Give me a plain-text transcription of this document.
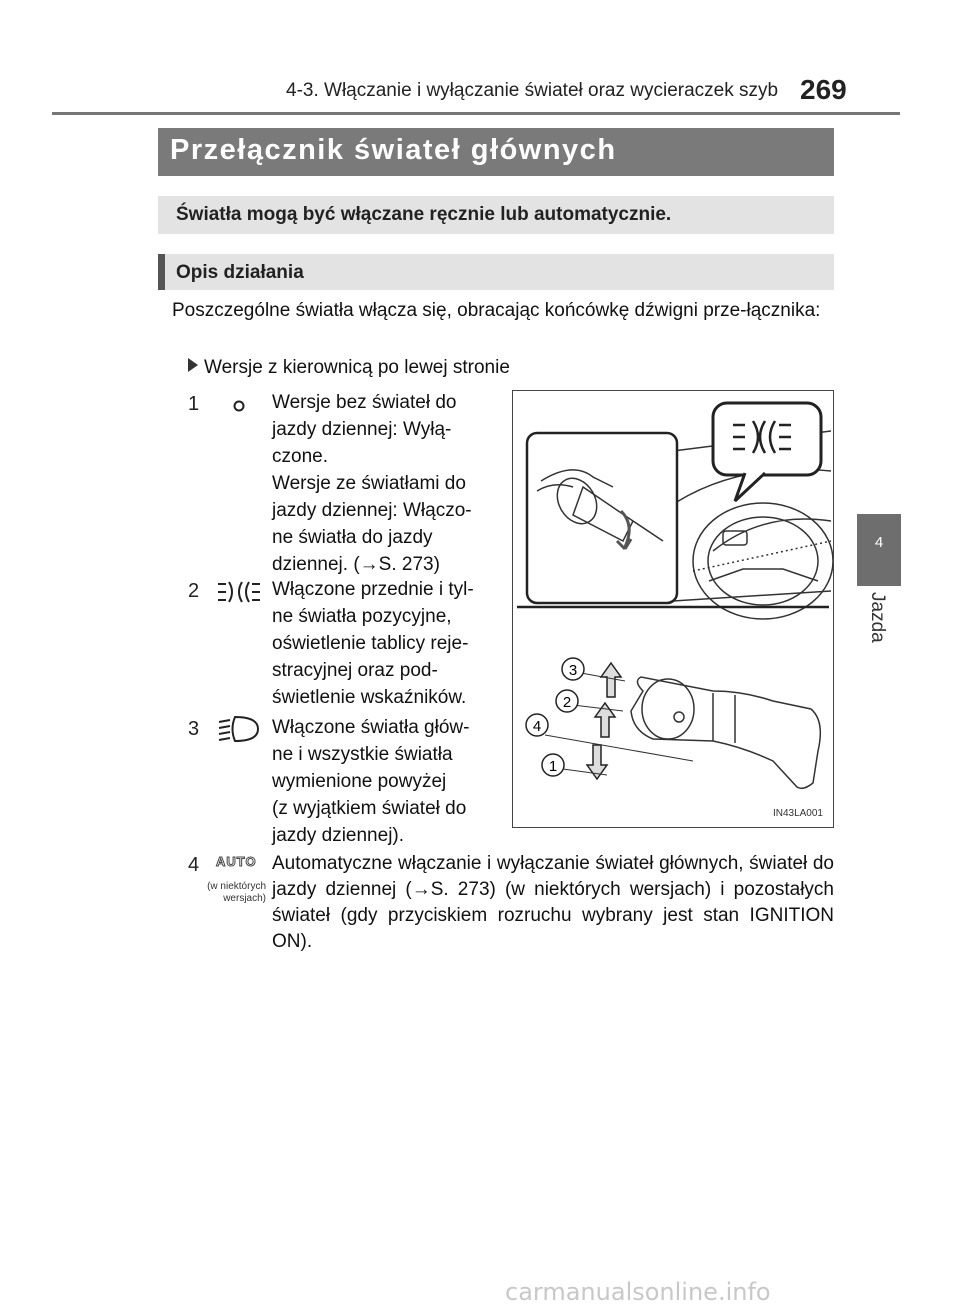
4-3. Włączanie i wyłączanie świateł oraz wycieraczek szyb 269
4
Jazda
Przełącznik świateł głównych
Światła mogą być włączane ręcznie lub automatycznie.
Opis działania
Poszczególne światła włącza się, obracając końcówkę dźwigni prze-łącznika:
Wersje z kierownicą po lewej stronie
1	Wersje bez świateł do
jazdy dziennej: Wyłą-
czone.
Wersje ze światłami do
jazdy dziennej: Włączo-
ne światła do jazdy
dziennej. (→S. 273)
2	Włączone przednie i tyl-
ne światła pozycyjne,
oświetlenie tablicy reje-
stracyjnej oraz pod-
świetlenie wskaźników.
3	Włączone światła głów-
ne i wszystkie światła
wymienione powyżej
(z wyjątkiem świateł do
jazdy dziennej).
4 AUTO
(w niektórych wersjach)
Automatyczne włączanie i wyłączanie świateł głównych, świateł do jazdy dziennej (→S. 273) (w niektórych wersjach) i pozostałych świateł (gdy przyciskiem rozruchu wybrany jest stan IGNITION ON).
3
2
4
1
IN43LA001
carmanualsonline.info
